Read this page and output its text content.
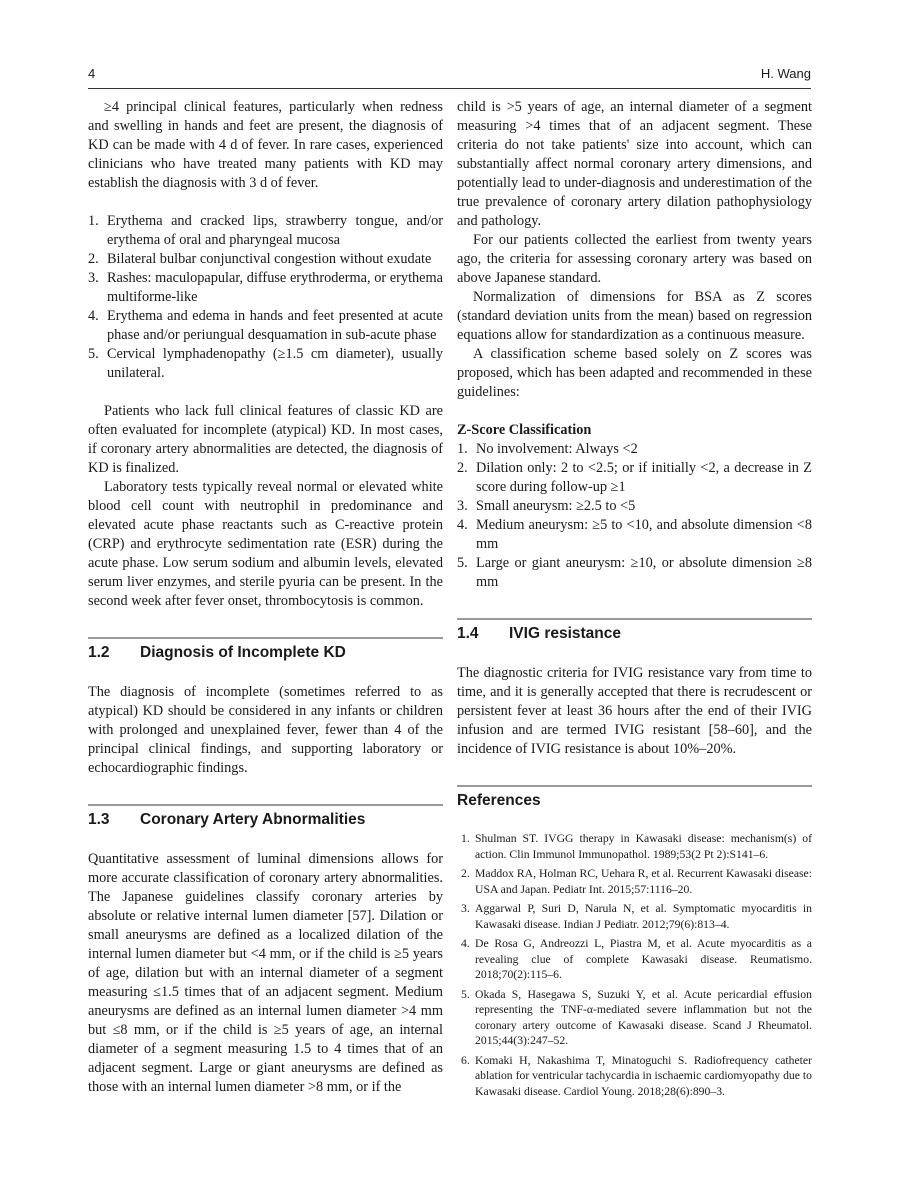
4	H. Wang

≥4 principal clinical features, particularly when redness and swelling in hands and feet are present, the diagnosis of KD can be made with 4 d of fever. In rare cases, experienced clinicians who have treated many patients with KD may establish the diagnosis with 3 d of fever.

1. Erythema and cracked lips, strawberry tongue, and/or erythema of oral and pharyngeal mucosa
2. Bilateral bulbar conjunctival congestion without exudate
3. Rashes: maculopapular, diffuse erythroderma, or erythema multiforme-like
4. Erythema and edema in hands and feet presented at acute phase and/or periungual desquamation in sub-acute phase
5. Cervical lymphadenopathy (≥1.5 cm diameter), usually unilateral.

Patients who lack full clinical features of classic KD are often evaluated for incomplete (atypical) KD. In most cases, if coronary artery abnormalities are detected, the diagnosis of KD is finalized.

Laboratory tests typically reveal normal or elevated white blood cell count with neutrophil in predominance and elevated acute phase reactants such as C-reactive protein (CRP) and erythrocyte sedimentation rate (ESR) during the acute phase. Low serum sodium and albumin levels, elevated serum liver enzymes, and sterile pyuria can be present. In the second week after fever onset, thrombocytosis is common.

1.2 Diagnosis of Incomplete KD

The diagnosis of incomplete (sometimes referred to as atypical) KD should be considered in any infants or children with prolonged and unexplained fever, fewer than 4 of the principal clinical findings, and supporting laboratory or echocardiographic findings.

1.3 Coronary Artery Abnormalities

Quantitative assessment of luminal dimensions allows for more accurate classification of coronary artery abnormalities. The Japanese guidelines classify coronary arteries by absolute or relative internal lumen diameter [57]. Dilation or small aneurysms are defined as a localized dilation of the internal lumen diameter but <4 mm, or if the child is ≥5 years of age, dilation but with an internal diameter of a segment measuring ≤1.5 times that of an adjacent segment. Medium aneurysms are defined as an internal lumen diameter >4 mm but ≤8 mm, or if the child is ≥5 years of age, an internal diameter of a segment measuring 1.5 to 4 times that of an adjacent segment. Large or giant aneurysms are defined as those with an internal lumen diameter >8 mm, or if the

child is >5 years of age, an internal diameter of a segment measuring >4 times that of an adjacent segment. These criteria do not take patients' size into account, which can substantially affect normal coronary artery dimensions, and potentially lead to under-diagnosis and underestimation of the true prevalence of coronary artery dilation pathophysiology and pathology.

For our patients collected the earliest from twenty years ago, the criteria for assessing coronary artery was based on above Japanese standard.

Normalization of dimensions for BSA as Z scores (standard deviation units from the mean) based on regression equations allow for standardization as a continuous measure.

A classification scheme based solely on Z scores was proposed, which has been adapted and recommended in these guidelines:

Z-Score Classification
1. No involvement: Always <2
2. Dilation only: 2 to <2.5; or if initially <2, a decrease in Z score during follow-up ≥1
3. Small aneurysm: ≥2.5 to <5
4. Medium aneurysm: ≥5 to <10, and absolute dimension <8 mm
5. Large or giant aneurysm: ≥10, or absolute dimension ≥8 mm
1.4 IVIG resistance

The diagnostic criteria for IVIG resistance vary from time to time, and it is generally accepted that there is recrudescent or persistent fever at least 36 hours after the end of their IVIG infusion and are termed IVIG resistant [58–60], and the incidence of IVIG resistance is about 10%–20%.

References
1. Shulman ST. IVGG therapy in Kawasaki disease: mechanism(s) of action. Clin Immunol Immunopathol. 1989;53(2 Pt 2):S141–6.
2. Maddox RA, Holman RC, Uehara R, et al. Recurrent Kawasaki disease: USA and Japan. Pediatr Int. 2015;57:1116–20.
3. Aggarwal P, Suri D, Narula N, et al. Symptomatic myocarditis in Kawasaki disease. Indian J Pediatr. 2012;79(6):813–4.
4. De Rosa G, Andreozzi L, Piastra M, et al. Acute myocarditis as a revealing clue of complete Kawasaki disease. Reumatismo. 2018;70(2):115–6.
5. Okada S, Hasegawa S, Suzuki Y, et al. Acute pericardial effusion representing the TNF-α-mediated severe inflammation but not the coronary artery outcome of Kawasaki disease. Scand J Rheumatol. 2015;44(3):247–52.
6. Komaki H, Nakashima T, Minatoguchi S. Radiofrequency catheter ablation for ventricular tachycardia in ischaemic cardiomyopathy due to Kawasaki disease. Cardiol Young. 2018;28(6):890–3.
